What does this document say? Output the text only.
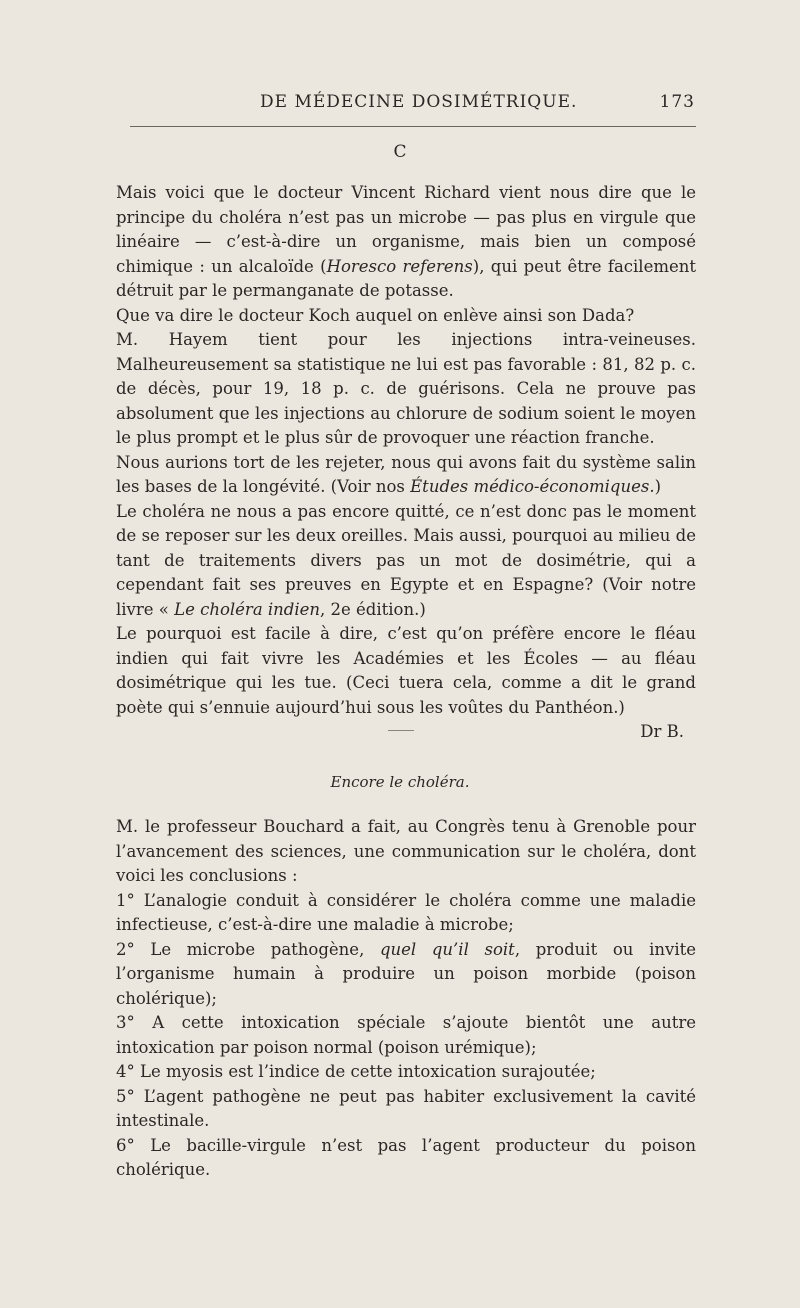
DE MÉDECINE DOSIMÉTRIQUE.	173
C

Mais voici que le docteur Vincent Richard vient nous dire que le principe du choléra n’est pas un microbe — pas plus en virgule que linéaire — c’est-à-dire un organisme, mais bien un composé chimique : un alcaloïde (Horesco referens), qui peut être facilement détruit par le permanganate de potasse.

Que va dire le docteur Koch auquel on enlève ainsi son Dada?

M. Hayem tient pour les injections intra-veineuses. Malheureusement sa statistique ne lui est pas favorable : 81, 82 p. c. de décès, pour 19, 18 p. c. de guérisons. Cela ne prouve pas absolument que les injections au chlorure de sodium soient le moyen le plus prompt et le plus sûr de provoquer une réaction franche.

Nous aurions tort de les rejeter, nous qui avons fait du système salin les bases de la longévité. (Voir nos Études médico-économiques.)

Le choléra ne nous a pas encore quitté, ce n’est donc pas le moment de se reposer sur les deux oreilles. Mais aussi, pourquoi au milieu de tant de traitements divers pas un mot de dosimétrie, qui a cependant fait ses preuves en Egypte et en Espagne? (Voir notre livre « Le choléra indien, 2e édition.)

Le pourquoi est facile à dire, c’est qu’on préfère encore le fléau indien qui fait vivre les Académies et les Écoles — au fléau dosimétrique qui les tue. (Ceci tuera cela, comme a dit le grand poète qui s’ennuie aujourd’hui sous les voûtes du Panthéon.)

Dr B.

Encore le choléra.

M. le professeur Bouchard a fait, au Congrès tenu à Grenoble pour l’avancement des sciences, une communication sur le choléra, dont voici les conclusions :

1° L’analogie conduit à considérer le choléra comme une maladie infectieuse, c’est-à-dire une maladie à microbe;

2° Le microbe pathogène, quel qu’il soit, produit ou invite l’organisme humain à produire un poison morbide (poison cholérique);

3° A cette intoxication spéciale s’ajoute bientôt une autre intoxication par poison normal (poison urémique);

4° Le myosis est l’indice de cette intoxication surajoutée;

5° L’agent pathogène ne peut pas habiter exclusivement la cavité intestinale.

6° Le bacille-virgule n’est pas l’agent producteur du poison cholérique.
